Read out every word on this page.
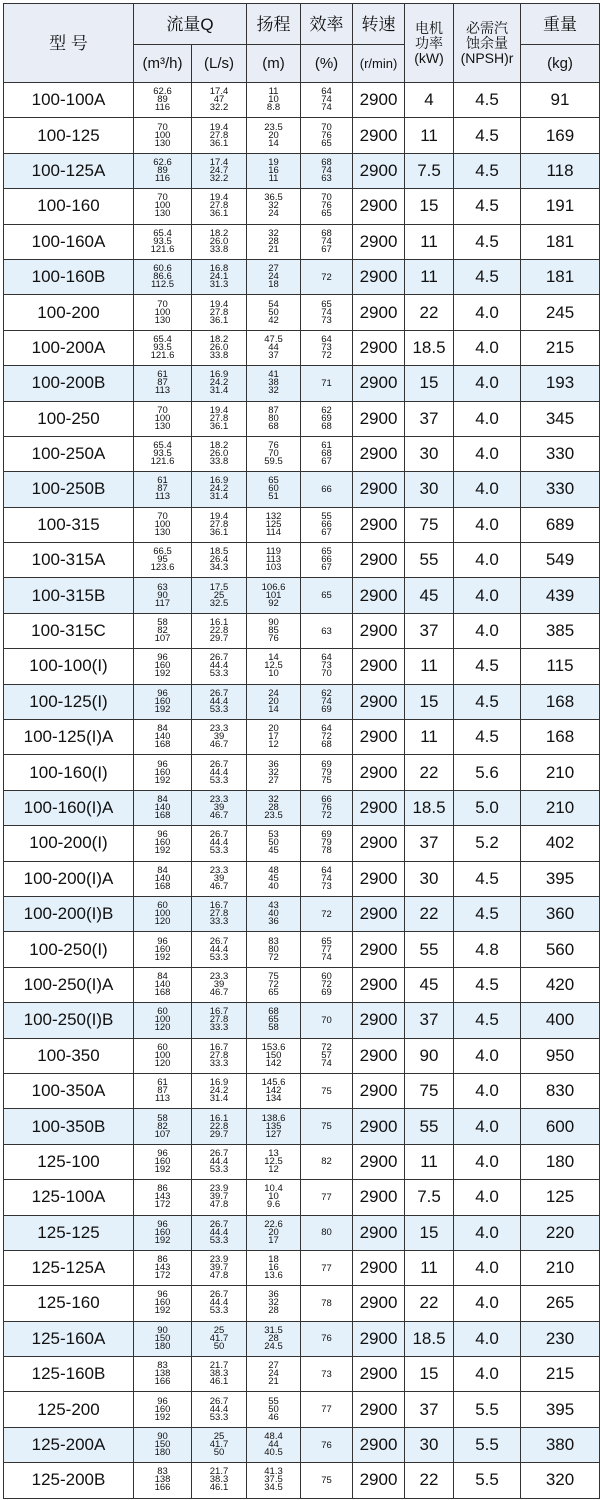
型 号	流量Q		扬程	效率	转速	电机
功率
(kW)	必需汽
蚀余量
(NPSH)r	重量
	(m³/h)	(L/s)	(m)	(%)	(r/min)			(kg)
100-100A	62.6
89
116	17.4
47
32.2	11
10
8.8	64
74
74	2900	4	4.5	91
100-125	70
100
130	19.4
27.8
36.1	23.5
20
14	70
76
65	2900	11	4.5	169
100-125A	62.6
89
116	17.4
24.7
32.2	19
16
11	68
74
63	2900	7.5	4.5	118
100-160	70
100
130	19.4
27.8
36.1	36.5
32
24	70
76
65	2900	15	4.5	191
100-160A	65.4
93.5
121.6	18.2
26.0
33.8	32
28
21	68
74
67	2900	11	4.5	181
100-160B	60.6
86.6
112.5	16.8
24.1
31.3	27
24
18	72	2900	11	4.5	181
100-200	70
100
130	19.4
27.8
36.1	54
50
42	65
74
73	2900	22	4.0	245
100-200A	65.4
93.5
121.6	18.2
26.0
33.8	47.5
44
37	64
73
72	2900	18.5	4.0	215
100-200B	61
87
113	16.9
24.2
31.4	41
38
32	71	2900	15	4.0	193
100-250	70
100
130	19.4
27.8
36.1	87
80
68	62
69
68	2900	37	4.0	345
100-250A	65.4
93.5
121.6	18.2
26.0
33.8	76
70
59.5	61
68
67	2900	30	4.0	330
100-250B	61
87
113	16.9
24.2
31.4	65
60
51	66	2900	30	4.0	330
100-315	70
100
130	19.4
27.8
36.1	132
125
114	55
66
67	2900	75	4.0	689
100-315A	66.5
95
123.6	18.5
26.4
34.3	119
113
103	65
66
67	2900	55	4.0	549
100-315B	63
90
117	17.5
25
32.5	106.6
101
92	65	2900	45	4.0	439
100-315C	58
82
107	16.1
22.8
29.7	90
85
76	63	2900	37	4.0	385
100-100(I)	96
160
192	26.7
44.4
53.3	14
12.5
10	64
73
70	2900	11	4.5	115
100-125(I)	96
160
192	26.7
44.4
53.3	24
20
14	62
74
69	2900	15	4.5	168
100-125(I)A	84
140
168	23.3
39
46.7	20
17
12	64
72
68	2900	11	4.5	168
100-160(I)	96
160
192	26.7
44.4
53.3	36
32
27	69
79
75	2900	22	5.6	210
100-160(I)A	84
140
168	23.3
39
46.7	32
28
23.5	66
76
72	2900	18.5	5.0	210
100-200(I)	96
160
192	26.7
44.4
53.3	53
50
45	69
79
78	2900	37	5.2	402
100-200(I)A	84
140
168	23.3
39
46.7	48
45
40	64
74
73	2900	30	4.5	395
100-200(I)B	60
100
120	16.7
27.8
33.3	43
40
36	72	2900	22	4.5	360
100-250(I)	96
160
192	26.7
44.4
53.3	83
80
72	65
77
74	2900	55	4.8	560
100-250(I)A	84
140
168	23.3
39
46.7	75
72
65	60
72
69	2900	45	4.5	420
100-250(I)B	60
100
120	16.7
27.8
33.3	68
65
58	70	2900	37	4.5	400
100-350	60
100
120	16.7
27.8
33.3	153.6
150
142	72
57
74	2900	90	4.0	950
100-350A	61
87
113	16.9
24.2
31.4	145.6
142
134	75	2900	75	4.0	830
100-350B	58
82
107	16.1
22.8
29.7	138.6
135
127	75	2900	55	4.0	600
125-100	96
160
192	26.7
44.4
53.3	13
12.5
12	82	2900	11	4.0	180
125-100A	86
143
172	23.9
39.7
47.8	10.4
10
9.6	77	2900	7.5	4.0	125
125-125	96
160
192	26.7
44.4
53.3	22.6
20
17	80	2900	15	4.0	220
125-125A	86
143
172	23.9
39.7
47.8	18
16
13.6	77	2900	11	4.0	210
125-160	96
160
192	26.7
44.4
53.3	36
32
28	78	2900	22	4.0	265
125-160A	90
150
180	25
41.7
50	31.5
28
24.5	76	2900	18.5	4.0	230
125-160B	83
138
166	21.7
38.3
46.1	27
24
21	73	2900	15	4.0	215
125-200	96
160
192	26.7
44.4
53.3	55
50
46	77	2900	37	5.5	395
125-200A	90
150
180	25
41.7
50	48.4
44
40.5	76	2900	30	5.5	380
125-200B	83
138
166	21.7
38.3
46.1	41.3
37.5
34.5	75	2900	22	5.5	320
